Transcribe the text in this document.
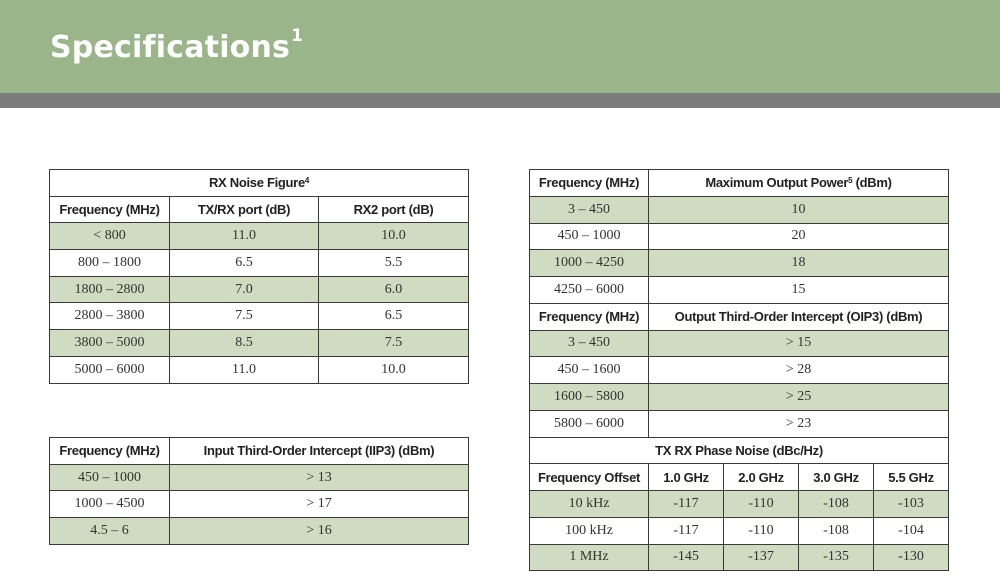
Specifications$^1$
RX Noise Figure$^4$
Frequency (MHz)	TX/RX port (dB)	RX2 port (dB)
< 800	11.0	10.0
800 – 1800	6.5	5.5
1800 – 2800	7.0	6.0
2800 – 3800	7.5	6.5
3800 – 5000	8.5	7.5
5000 – 6000	11.0	10.0
Frequency (MHz)	Input Third-Order Intercept (IIP3) (dBm)
450 – 1000	> 13
1000 – 4500	> 17
4.5 – 6	> 16
Frequency (MHz)	Maximum Output Power$^5$ (dBm)			
3 – 450	10			
450 – 1000	20			
1000 – 4250	18			
4250 – 6000	15			
Frequency (MHz)	Output Third-Order Intercept (OIP3) (dBm)			
3 – 450	> 15			
450 – 1600	> 28			
1600 – 5800	> 25			
5800 – 6000	> 23			
TX RX Phase Noise (dBc/Hz)				
Frequency Offset	1.0 GHz	2.0 GHz	3.0 GHz	5.5 GHz
10 kHz	-117	-110	-108	-103
100 kHz	-117	-110	-108	-104
1 MHz	-145	-137	-135	-130
